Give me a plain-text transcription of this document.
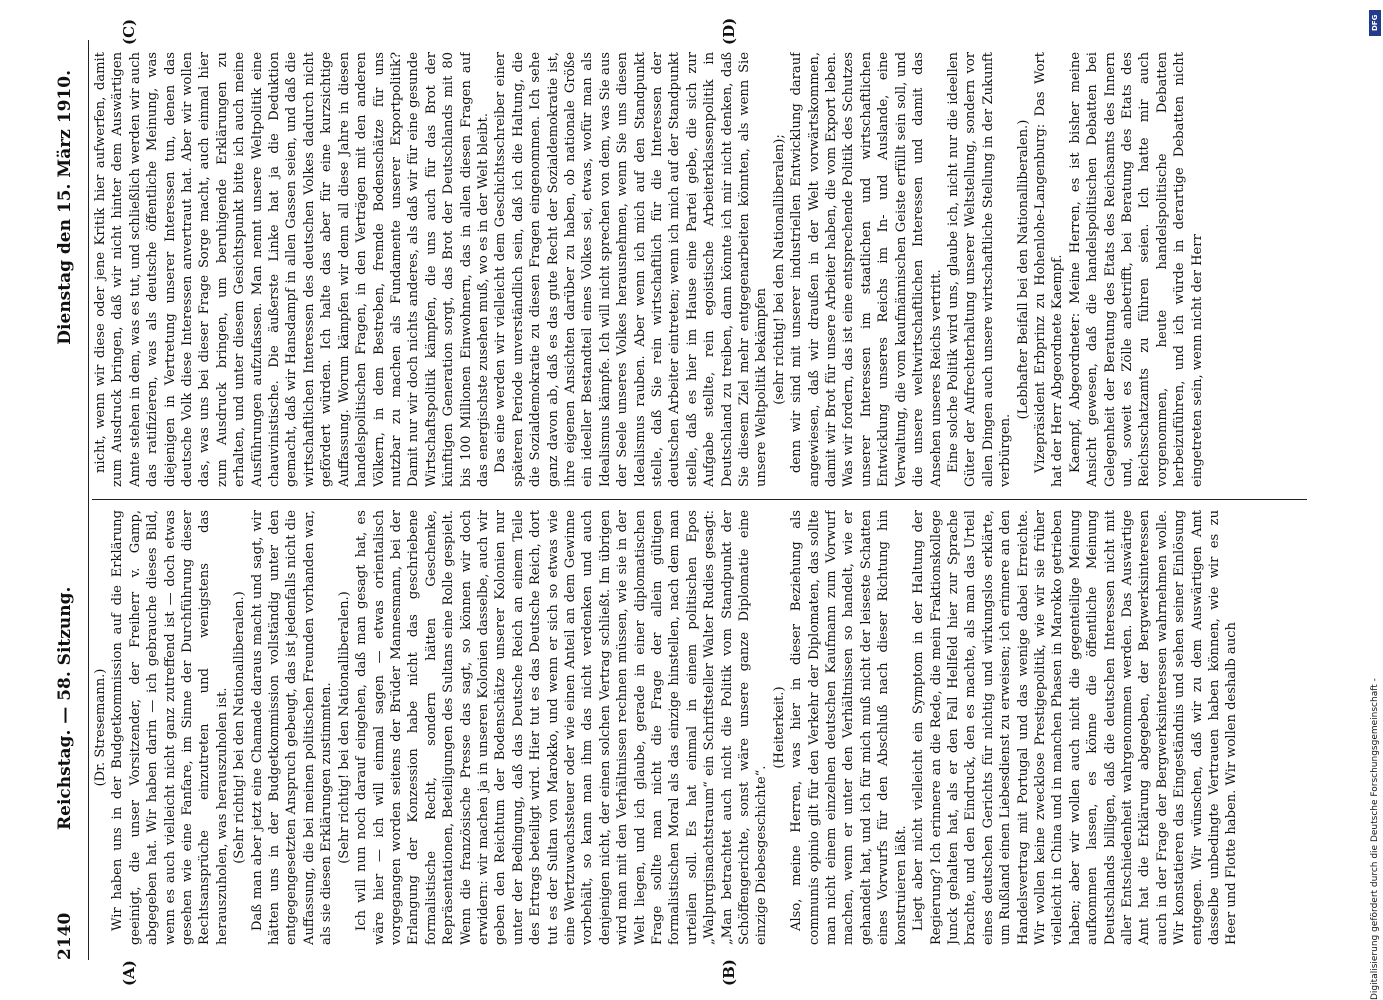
2140
Reichstag. — 58. Sitzung.
Dienstag den 15. März 1910.
(A)	(B)
(C)	(D)

(Dr. Stresemann.) Wir haben uns in der Budgetkommission auf die Erklärung geeinigt, die unser Vorsitzender, der Freiherr v. Gamp, abgegeben hat. Wir haben darin — ich gebrauche dieses Bild, wenn es auch vielleicht nicht ganz zutreffend ist — doch etwas gesehen wie eine Fanfare, im Sinne der Durchführung dieser Rechtsansprüche einzutreten und wenigstens das herauszuholen, was herauszuholen ist. (Sehr richtig! bei den Nationalliberalen.) Daß man aber jetzt eine Chamade daraus macht und sagt, wir hätten uns in der Budgetkommission vollständig unter den entgegengesetzten Anspruch gebeugt, das ist jedenfalls nicht die Auffassung, die bei meinen politischen Freunden vorhanden war, als sie diesen Erklärungen zustimmten. (Sehr richtig! bei den Nationalliberalen.) Ich will nun noch darauf eingehen, daß man gesagt hat, es wäre hier — ich will einmal sagen — etwas orientalisch vorgegangen worden seitens der Brüder Mannesmann, bei der Erlangung der Konzession habe nicht das geschriebene formalistische Recht, sondern hätten Geschenke, Repräsentationen, Beteiligungen des Sultans eine Rolle gespielt. Wenn die französische Presse das sagt, so können wir doch erwidern: wir machen ja in unseren Kolonien dasselbe, auch wir geben den Reichtum der Bodenschätze unserer Kolonien nur unter der Bedingung, daß das Deutsche Reich an einem Teile des Ertrags beteiligt wird. Hier tut es das Deutsche Reich, dort tut es der Sultan von Marokko, und wenn er sich so etwas wie eine Wertzuwachssteuer oder wie einen Anteil an dem Gewinne vorbehält, so kann man ihm das nicht verdenken und auch denjenigen nicht, der einen solchen Vertrag schließt. Im übrigen wird man mit den Verhältnissen rechnen müssen, wie sie in der Welt liegen, und ich glaube, gerade in einer diplomatischen Frage sollte man nicht die Frage der allein gültigen formalistischen Moral als das einzige hinstellen, nach dem man urteilen soll. Es hat einmal in einem politischen Epos „Walpurgisnachtstraum“ ein Schriftsteller Walter Rudies gesagt: „Man betrachtet auch nicht die Politik vom Standpunkt der Schöffengerichte, sonst wäre unsere ganze Diplomatie eine einzige Diebesgeschichte“.

(Heiterkeit.) Also, meine Herren, was hier in dieser Beziehung als communis opinio gilt für den Verkehr der Diplomaten, das sollte man nicht einem einzelnen deutschen Kaufmann zum Vorwurf machen, wenn er unter den Verhältnissen so handelt, wie er gehandelt hat, und ich für mich muß nicht der leiseste Schatten eines Vorwurfs für den Abschluß nach dieser Richtung hin konstruieren läßt. Liegt aber nicht vielleicht ein Symptom in der Haltung der Regierung? Ich erinnere an die Rede, die mein Fraktionskollege Junck gehalten hat, als er den Fall Hellfeld hier zur Sprache brachte, und den Eindruck, den es machte, als man das Urteil eines deutschen Gerichts für nichtig und wirkungslos erklärte, um Rußland einen Liebesdienst zu erweisen; ich erinnere an den Handelsvertrag mit Portugal und das wenige dabei Erreichte. Wir wollen keine zwecklose Prestigepolitik, wie wir sie früher vielleicht in China und in manchen Phasen in Marokko getrieben haben; aber wir wollen auch nicht die gegenteilige Meinung aufkommen lassen, es könne die öffentliche Meinung Deutschlands billigen, daß die deutschen Interessen nicht mit aller Entschiedenheit wahrgenommen werden. Das Auswärtige Amt hat die Erklärung abgegeben, der Bergwerksinteressen auch in der Frage der Bergwerksinteressen wahrnehmen wolle. Wir konstatieren das Eingeständnis und sehen seiner Einlösung entgegen. Wir wünschen, daß wir zu dem Auswärtigen Amt dasselbe unbedingte Vertrauen haben können, wie wir es zu Heer und Flotte haben. Wir wollen deshalb auch

nicht, wenn wir diese oder jene Kritik hier aufwerfen, damit zum Ausdruck bringen, daß wir nicht hinter dem Auswärtigen Amte stehen in dem, was es tut, und schließlich werden wir auch das ratifizieren, was als deutsche öffentliche Meinung, was diejenigen in Vertretung unserer Interessen tun, denen das deutsche Volk diese Interessen anvertraut hat. Aber wir wollen das, was uns bei dieser Frage Sorge macht, auch einmal hier zum Ausdruck bringen, um beruhigende Erklärungen zu erhalten, und unter diesem Gesichtspunkt bitte ich auch meine Ausführungen aufzufassen. Man nennt unsere Weltpolitik eine chauvinistische. Die äußerste Linke hat ja die Deduktion gemacht, daß wir Hansdampf in allen Gassen seien, und daß die wirtschaftlichen Interessen des deutschen Volkes dadurch nicht gefördert würden. Ich halte das aber für eine kurzsichtige Auffassung. Worum kämpfen wir denn all diese Jahre in diesen handelspolitischen Fragen, in den Verträgen mit den anderen Völkern, in dem Bestreben, fremde Bodenschätze für uns nutzbar zu machen als Fundamente unserer Exportpolitik? Damit nur wir doch nichts anderes, als daß wir für eine gesunde Wirtschaftspolitik kämpfen, die uns auch für das Brot der künftigen Generation sorgt, das Brot der Deutschlands mit 80 bis 100 Millionen Einwohnern, das in allen diesen Fragen auf das energischste zusehen muß, wo es in der Welt bleibt. Das eine werden wir vielleicht dem Geschichtsschreiber einer späteren Periode unverständlich sein, daß ich die Haltung, die die Sozialdemokratie zu diesen Fragen eingenommen. Ich sehe ganz davon ab, daß es das gute Recht der Sozialdemokratie ist, ihre eigenen Ansichten darüber zu haben, ob nationale Größe ein ideeller Bestandteil eines Volkes sei, etwas, wofür man als Idealismus kämpfe. Ich will nicht sprechen von dem, was Sie aus der Seele unseres Volkes herausnehmen, wenn Sie uns diesen Idealismus rauben. Aber wenn ich mich auf den Standpunkt stelle, daß Sie rein wirtschaftlich für die Interessen der deutschen Arbeiter eintreten; wenn ich mich auf der Standpunkt stelle, daß es hier im Hause eine Partei gebe, die sich zur Aufgabe stellte, rein egoistische Arbeiterklassenpolitik in Deutschland zu treiben, dann könnte ich mir nicht denken, daß Sie diesem Ziel mehr entgegenarbeiten könnten, als wenn Sie unsere Weltpolitik bekämpfen (sehr richtig! bei den Nationalliberalen); denn wir sind mit unserer industriellen Entwicklung darauf angewiesen, daß wir draußen in der Welt vorwärtskommen, damit wir Brot für unsere Arbeiter haben, die vom Export leben. Was wir fordern, das ist eine entsprechende Politik des Schutzes unserer Interessen im staatlichen und wirtschaftlichen Entwicklung unseres Reichs im In- und Auslande, eine Verwaltung, die vom kaufmännischen Geiste erfüllt sein soll, und die unsere weltwirtschaftlichen Interessen und damit das Ansehen unseres Reichs vertritt. Eine solche Politik wird uns, glaube ich, nicht nur die ideellen Güter der Aufrechterhaltung unserer Weltstellung, sondern vor allen Dingen auch unsere wirtschaftliche Stellung in der Zukunft verbürgen.

(Lebhafter Beifall bei den Nationalliberalen.) Vizepräsident Erbprinz zu Hohenlohe-Langenburg: Das Wort hat der Herr Abgeordnete Kaempf. Kaempf, Abgeordneter: Meine Herren, es ist bisher meine Ansicht gewesen, daß die handelspolitischen Debatten bei Gelegenheit der Beratung des Etats des Reichsamts des Innern und, soweit es Zölle anbetrifft, bei Beratung des Etats des Reichsschatzamts zu führen seien. Ich hatte mir auch vorgenommen, heute handelspolitische Debatten herbeizuführen, und ich würde in derartige Debatten nicht eingetreten sein, wenn nicht der Herr

Digitalisierung gefördert durch die Deutsche Forschungsgemeinschaft -
DFG
